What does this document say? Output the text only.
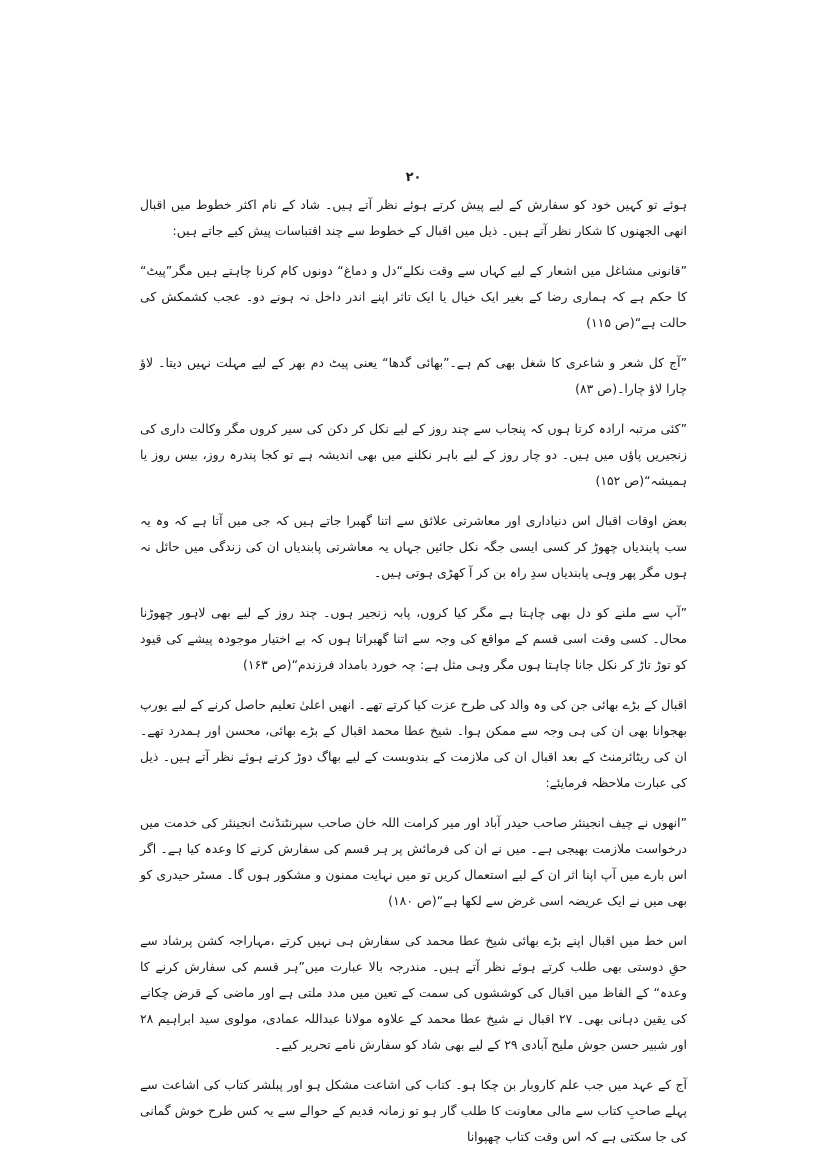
۲۰

ہوئے تو کہیں خود کو سفارش کے لیے پیش کرتے ہوئے نظر آتے ہیں۔ شاد کے نام اکثر خطوط میں اقبال انھی الجھنوں کا شکار نظر آتے ہیں۔ ذیل میں اقبال کے خطوط سے چند اقتباسات پیش کیے جاتے ہیں:

”قانونی مشاغل میں اشعار کے لیے کہاں سے وقت نکلے“دل و دماغ“ دونوں کام کرنا چاہتے ہیں مگر”پیٹ“ کا حکم ہے کہ ہماری رضا کے بغیر ایک خیال یا ایک تاثر اپنے اندر داخل نہ ہونے دو۔ عجب کشمکش کی حالت ہے“(ص ۱۱۵)

”آج کل شعر و شاعری کا شغل بھی کم ہے۔”بھائی گدھا“ یعنی پیٹ دم بھر کے لیے مہلت نہیں دیتا۔ لاؤ چارا لاؤ چارا۔(ص ۸۳)

”کئی مرتبہ ارادہ کرتا ہوں کہ پنجاب سے چند روز کے لیے نکل کر دکن کی سیر کروں مگر وکالت داری کی زنجیریں پاؤں میں ہیں۔ دو چار روز کے لیے باہر نکلنے میں بھی اندیشہ ہے تو کجا پندرہ روز، بیس روز یا ہمیشہ“(ص ۱۵۲)

بعض اوقات اقبال اس دنیاداری اور معاشرتی علائق سے اتنا گھبرا جاتے ہیں کہ جی میں آتا ہے کہ وہ یہ سب پابندیاں چھوڑ کر کسی ایسی جگہ نکل جائیں جہاں یہ معاشرتی پابندیاں ان کی زندگی میں حائل نہ ہوں مگر پھر وہی پابندیاں سدِ راہ بن کر آ کھڑی ہوتی ہیں۔

”آپ سے ملنے کو دل بھی چاہتا ہے مگر کیا کروں، پابہ زنجیر ہوں۔ چند روز کے لیے بھی لاہور چھوڑنا محال۔ کسی وقت اسی قسم کے مواقع کی وجہ سے اتنا گھبراتا ہوں کہ بے اختیار موجودہ پیشے کی قیود کو توڑ تاڑ کر نکل جانا چاہتا ہوں مگر وہی مثل ہے: چہ خورد بامداد فرزندم“(ص ۱۶۳)

اقبال کے بڑے بھائی جن کی وہ والد کی طرح عزت کیا کرتے تھے۔ انھیں اعلیٰ تعلیم حاصل کرنے کے لیے یورپ بھجوانا بھی ان کی ہی وجہ سے ممکن ہوا۔ شیخ عطا محمد اقبال کے بڑے بھائی، محسن اور ہمدرد تھے۔ ان کی ریٹائرمنٹ کے بعد اقبال ان کی ملازمت کے بندوبست کے لیے بھاگ دوڑ کرتے ہوئے نظر آتے ہیں۔ ذیل کی عبارت ملاحظہ فرمایئے:

”انھوں نے چیف انجینئر صاحب حیدر آباد اور میر کرامت اللہ خان صاحب سپرنٹنڈنٹ انجینئر کی خدمت میں درخواست ملازمت بھیجی ہے۔ میں نے ان کی فرمائش پر ہر قسم کی سفارش کرنے کا وعدہ کیا ہے۔ اگر اس بارے میں آپ اپنا اثر ان کے لیے استعمال کریں تو میں نہایت ممنون و مشکور ہوں گا۔ مسٹر حیدری کو بھی میں نے ایک عریضہ اسی غرض سے لکھا ہے“(ص ۱۸۰)

اس خط میں اقبال اپنے بڑے بھائی شیخ عطا محمد کی سفارش ہی نہیں کرتے ،مہاراجہ کشن پرشاد سے حقِ دوستی بھی طلب کرتے ہوئے نظر آتے ہیں۔ مندرجہ بالا عبارت میں”ہر قسم کی سفارش کرنے کا وعدہ“ کے الفاظ میں اقبال کی کوششوں کی سمت کے تعین میں مدد ملتی ہے اور ماضی کے قرض چکانے کی یقین دہانی بھی۔ ۲۷ اقبال نے شیخ عطا محمد کے علاوہ مولانا عبداللہ عمادی، مولوی سید ابراہیم ۲۸ اور شبیر حسن جوش ملیح آبادی ۲۹ کے لیے بھی شاد کو سفارش نامے تحریر کیے۔

آج کے عہد میں جب علم کاروبار بن چکا ہو۔ کتاب کی اشاعت مشکل ہو اور پبلشر کتاب کی اشاعت سے پہلے صاحبِ کتاب سے مالی معاونت کا طلب گار ہو تو زمانہ قدیم کے حوالے سے یہ کس طرح خوش گمانی کی جا سکتی ہے کہ اس وقت کتاب چھپوانا
